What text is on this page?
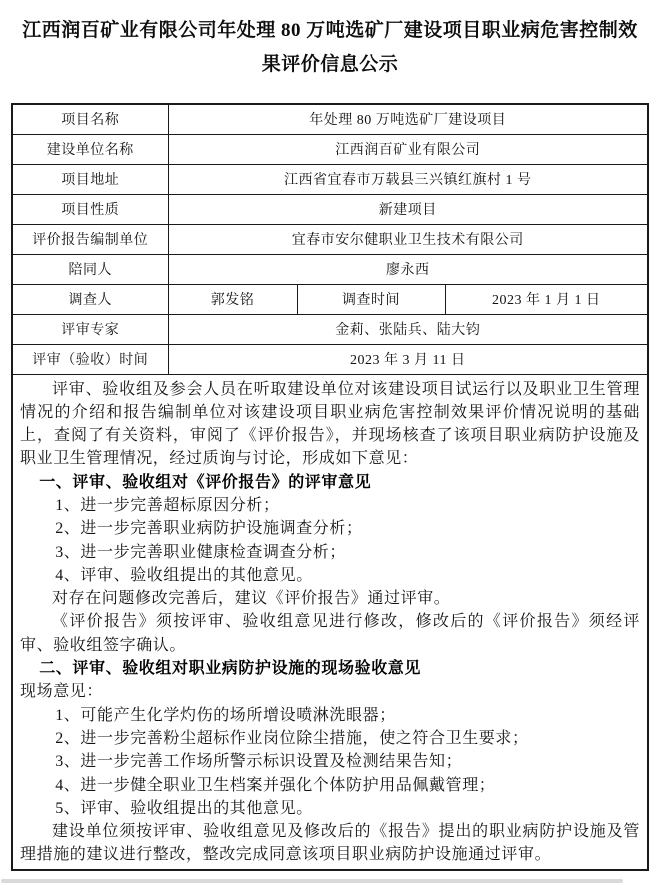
江西润百矿业有限公司年处理 80 万吨选矿厂建设项目职业病危害控制效果评价信息公示
项目名称	年处理 80 万吨选矿厂建设项目		
建设单位名称	江西润百矿业有限公司		
项目地址	江西省宜春市万载县三兴镇红旗村 1 号		
项目性质	新建项目		
评价报告编制单位	宜春市安尔健职业卫生技术有限公司		
陪同人	廖永西		
调查人	郭发铭	调查时间	2023 年 1 月 1 日
评审专家	金莉、张陆兵、陆大钧		
评审（验收）时间	2023 年 3 月 11 日		

评审、验收组及参会人员在听取建设单位对该建设项目试运行以及职业卫生管理情况的介绍和报告编制单位对该建设项目职业病危害控制效果评价情况说明的基础上，查阅了有关资料，审阅了《评价报告》，并现场核查了该项目职业病防护设施及职业卫生管理情况，经过质询与讨论，形成如下意见：

一、评审、验收组对《评价报告》的评审意见

1、进一步完善超标原因分析；

2、进一步完善职业病防护设施调查分析；

3、进一步完善职业健康检查调查分析；

4、评审、验收组提出的其他意见。

对存在问题修改完善后，建议《评价报告》通过评审。

《评价报告》须按评审、验收组意见进行修改，修改后的《评价报告》须经评审、验收组签字确认。

二、评审、验收组对职业病防护设施的现场验收意见

现场意见：

1、可能产生化学灼伤的场所增设喷淋洗眼器；

2、进一步完善粉尘超标作业岗位除尘措施，使之符合卫生要求；

3、进一步完善工作场所警示标识设置及检测结果告知；

4、进一步健全职业卫生档案并强化个体防护用品佩戴管理；

5、评审、验收组提出的其他意见。

建设单位须按评审、验收组意见及修改后的《报告》提出的职业病防护设施及管理措施的建议进行整改，整改完成同意该项目职业病防护设施通过评审。
